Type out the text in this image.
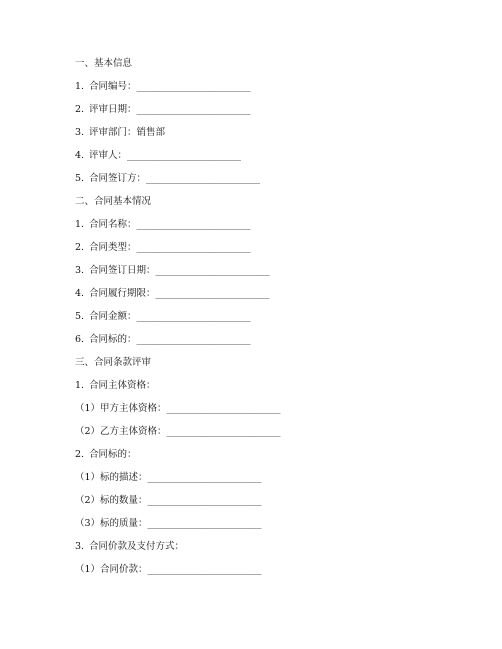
一、基本信息
1. 合同编号：________________________
2. 评审日期：________________________
3. 评审部门：销售部
4. 评审人：________________________
5. 合同签订方：________________________
二、合同基本情况
1. 合同名称：________________________
2. 合同类型：________________________
3. 合同签订日期：________________________
4. 合同履行期限：________________________
5. 合同金额：________________________
6. 合同标的：________________________
三、合同条款评审
1. 合同主体资格：
（1）甲方主体资格：________________________
（2）乙方主体资格：________________________
2. 合同标的：
（1）标的描述：________________________
（2）标的数量：________________________
（3）标的质量：________________________
3. 合同价款及支付方式：
（1）合同价款：________________________
